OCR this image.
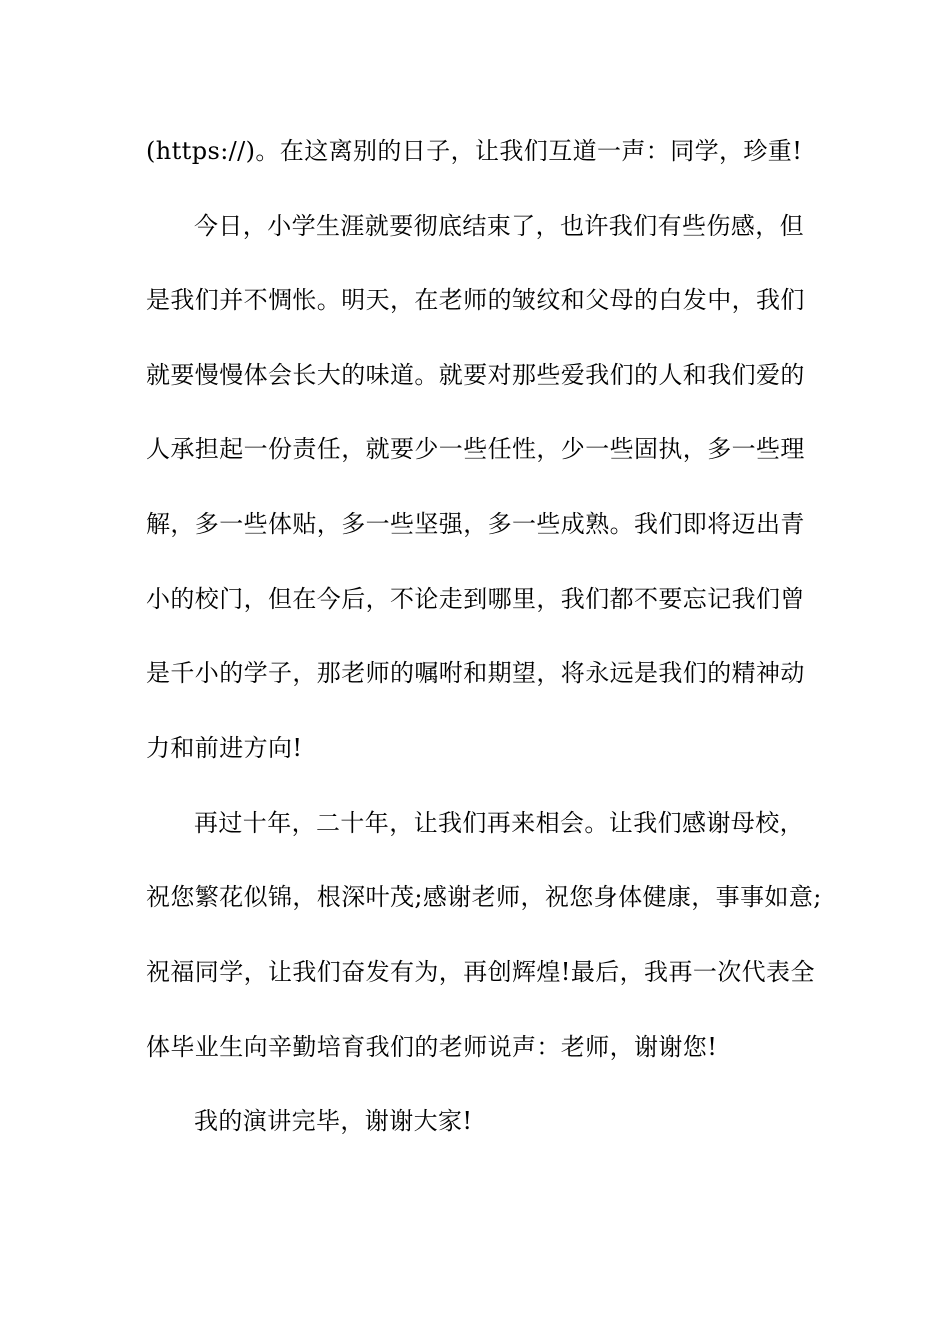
(https://)。在这离别的日子，让我们互道一声：同学，珍重!
今日，小学生涯就要彻底结束了，也许我们有些伤感，但
是我们并不惆怅。明天，在老师的皱纹和父母的白发中，我们
就要慢慢体会长大的味道。就要对那些爱我们的人和我们爱的
人承担起一份责任，就要少一些任性，少一些固执，多一些理
解，多一些体贴，多一些坚强，多一些成熟。我们即将迈出青
小的校门，但在今后，不论走到哪里，我们都不要忘记我们曾
是千小的学子，那老师的嘱咐和期望，将永远是我们的精神动
力和前进方向!
再过十年，二十年，让我们再来相会。让我们感谢母校，
祝您繁花似锦，根深叶茂;感谢老师，祝您身体健康，事事如意;
祝福同学，让我们奋发有为，再创辉煌!最后，我再一次代表全
体毕业生向辛勤培育我们的老师说声：老师，谢谢您!
我的演讲完毕，谢谢大家!
